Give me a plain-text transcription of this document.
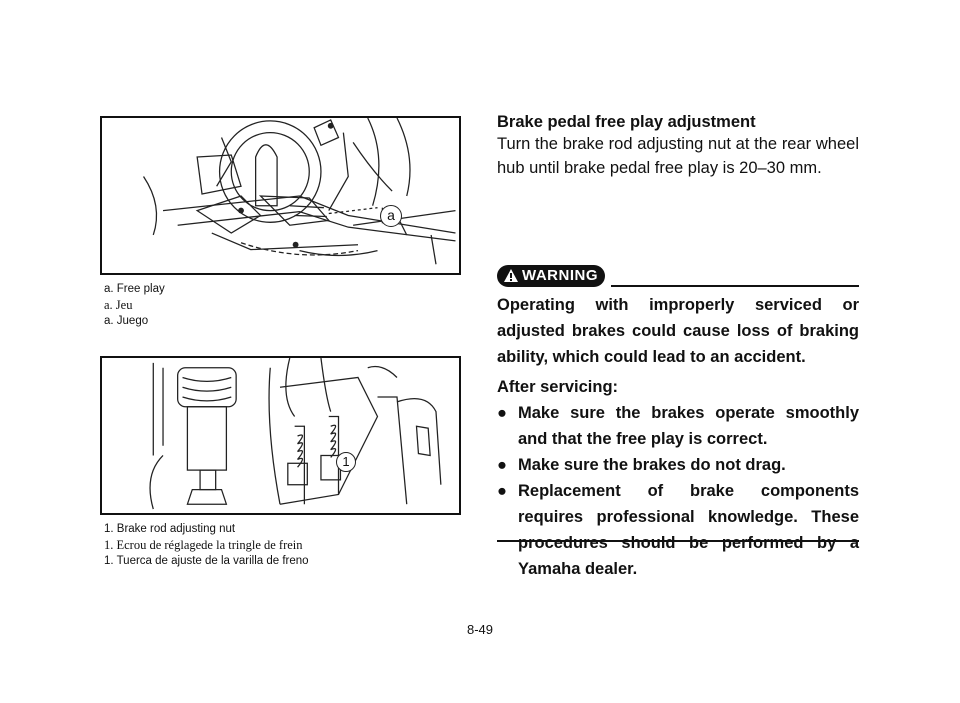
a
a. Free play
a. Jeu
a. Juego
1
1. Brake rod adjusting nut
1. Ecrou de réglagede la tringle de frein
1. Tuerca de ajuste de la varilla de freno
Brake pedal free play adjustment
Turn the brake rod adjusting nut at the rear wheel hub until brake pedal free play is 20–30 mm.
WARNING
Operating with improperly serviced or adjusted brakes could cause loss of braking ability, which could lead to an accident.
After servicing:
● Make sure the brakes operate smoothly and that the free play is correct.
● Make sure the brakes do not drag.
● Replacement of brake components requires professional knowledge. These procedures should be performed by a Yamaha dealer.
8-49
